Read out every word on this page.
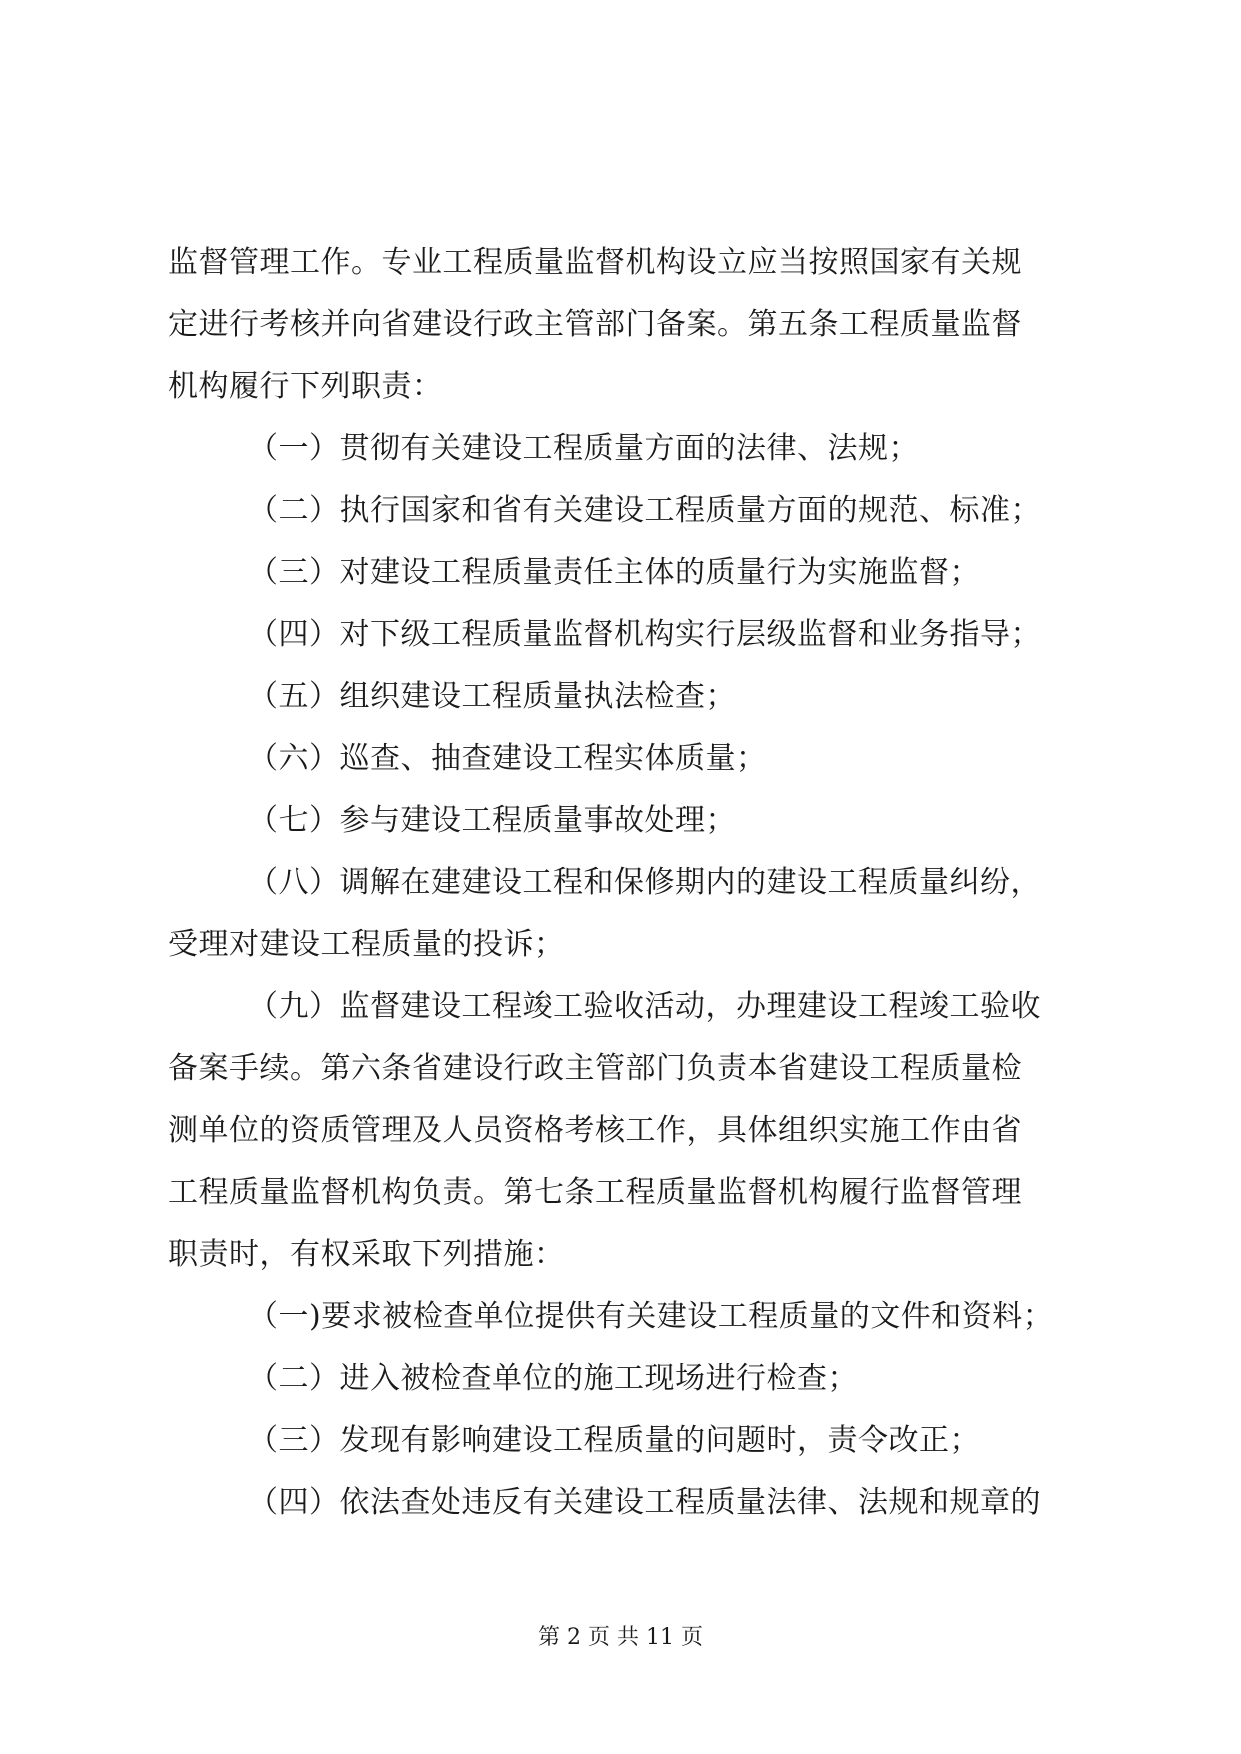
监督管理工作。专业工程质量监督机构设立应当按照国家有关规
定进行考核并向省建设行政主管部门备案。第五条工程质量监督
机构履行下列职责：
（一）贯彻有关建设工程质量方面的法律、法规；
（二）执行国家和省有关建设工程质量方面的规范、标准；
（三）对建设工程质量责任主体的质量行为实施监督；
（四）对下级工程质量监督机构实行层级监督和业务指导；
（五）组织建设工程质量执法检查；
（六）巡查、抽查建设工程实体质量；
（七）参与建设工程质量事故处理；
（八）调解在建建设工程和保修期内的建设工程质量纠纷，
受理对建设工程质量的投诉；
（九）监督建设工程竣工验收活动，办理建设工程竣工验收
备案手续。第六条省建设行政主管部门负责本省建设工程质量检
测单位的资质管理及人员资格考核工作，具体组织实施工作由省
工程质量监督机构负责。第七条工程质量监督机构履行监督管理
职责时，有权采取下列措施：
（一)要求被检查单位提供有关建设工程质量的文件和资料；
（二）进入被检查单位的施工现场进行检查；
（三）发现有影响建设工程质量的问题时，责令改正；
（四）依法查处违反有关建设工程质量法律、法规和规章的
第 2 页 共 11 页
